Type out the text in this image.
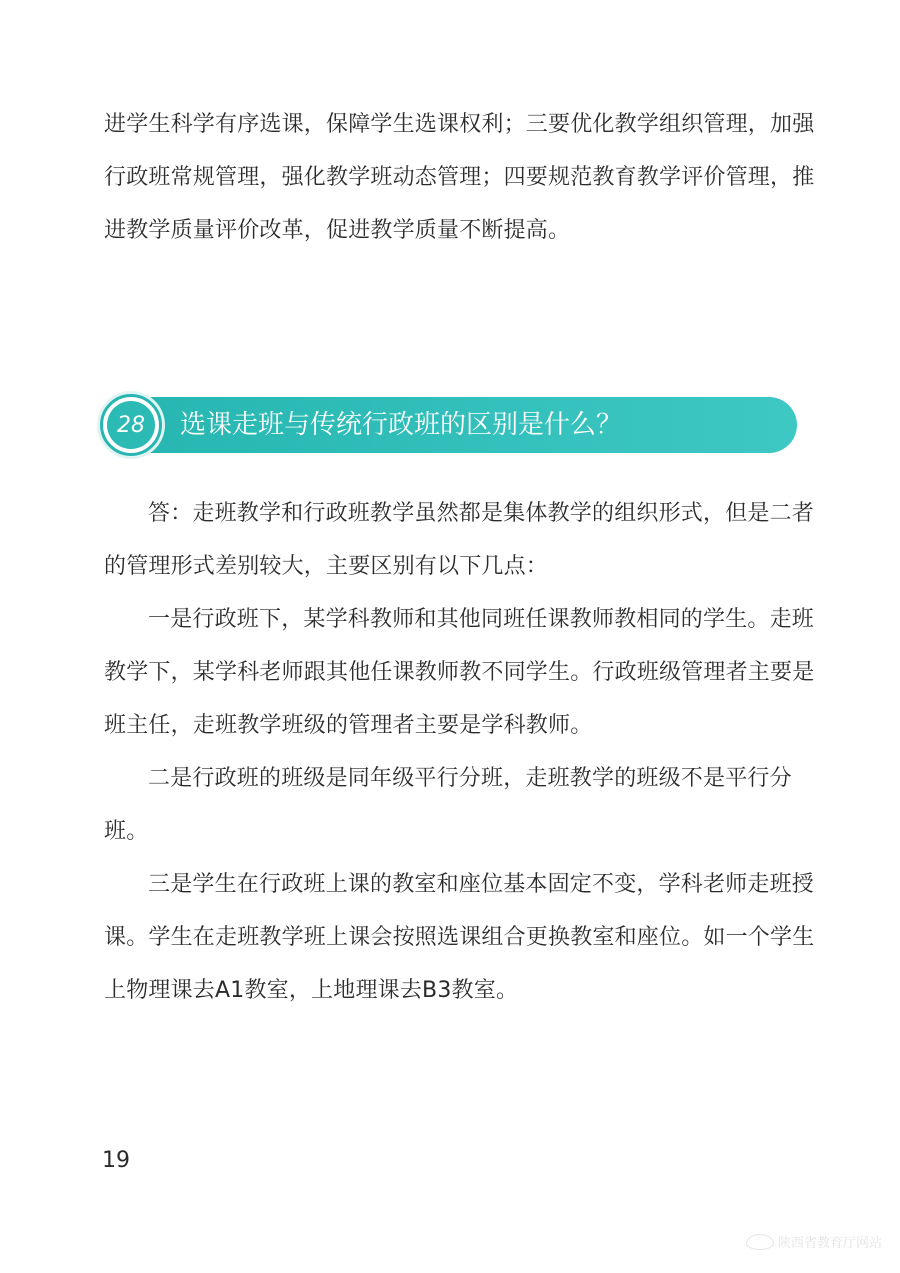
进学生科学有序选课，保障学生选课权利；三要优化教学组织管理，加强
行政班常规管理，强化教学班动态管理；四要规范教育教学评价管理，推
进教学质量评价改革，促进教学质量不断提高。
28	选课走班与传统行政班的区别是什么？
答：走班教学和行政班教学虽然都是集体教学的组织形式，但是二者
的管理形式差别较大，主要区别有以下几点：
一是行政班下，某学科教师和其他同班任课教师教相同的学生。走班
教学下，某学科老师跟其他任课教师教不同学生。行政班级管理者主要是
班主任，走班教学班级的管理者主要是学科教师。
二是行政班的班级是同年级平行分班，走班教学的班级不是平行分
班。
三是学生在行政班上课的教室和座位基本固定不变，学科老师走班授
课。学生在走班教学班上课会按照选课组合更换教室和座位。如一个学生
上物理课去A1教室，上地理课去B3教室。
19
陕西省教育厅网站
